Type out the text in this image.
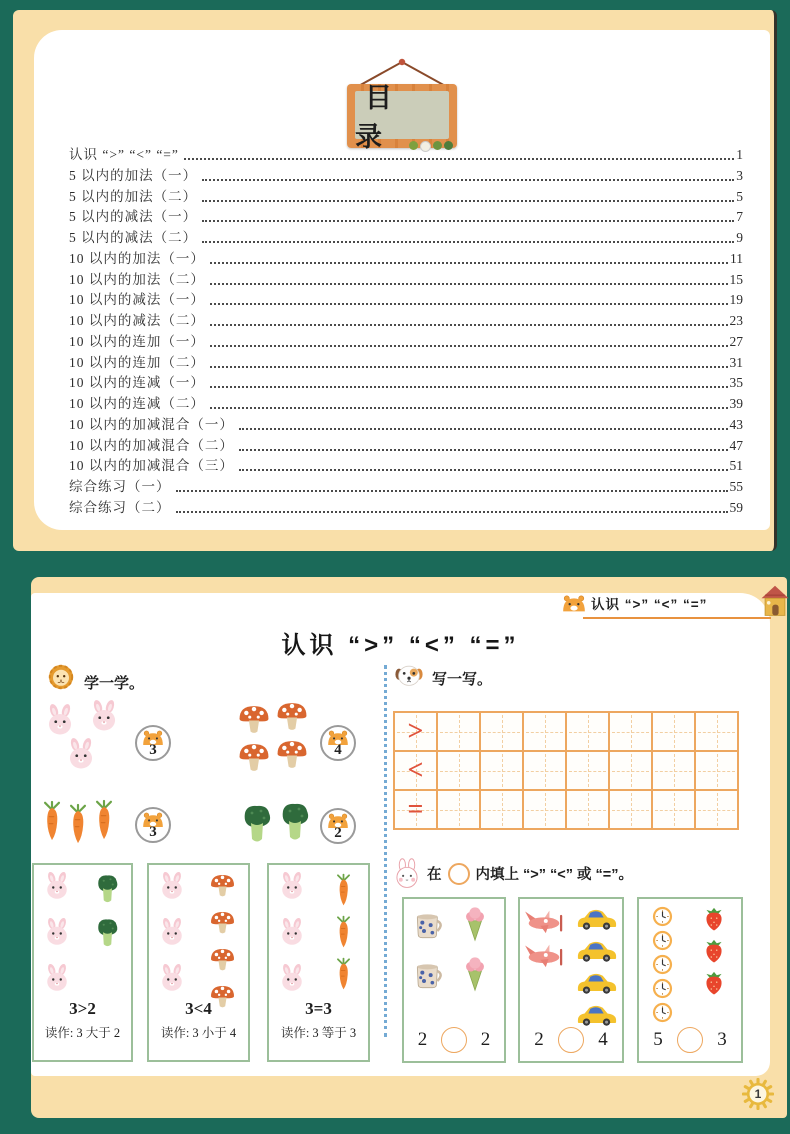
目 录
认识 “>” “<” “=”	1
5 以内的加法（一）	3
5 以内的加法（二）	5
5 以内的减法（一）	7
5 以内的减法（二）	9
10 以内的加法（一）	11
10 以内的加法（二）	15
10 以内的减法（一）	19
10 以内的减法（二）	23
10 以内的连加（一）	27
10 以内的连加（二）	31
10 以内的连减（一）	35
10 以内的连减（二）	39
10 以内的加减混合（一）	43
10 以内的加减混合（二）	47
10 以内的加减混合（三）	51
综合练习（一）	55
综合练习（二）	59
认识 “>” “<” “=”
认识 “>” “<” “=”
学一学。
3	4
3	2
3>2
读作: 3 大于 2
3<4
读作: 3 小于 4
3=3
读作: 3 等于 3
写一写。
>
<
=
在 内填上 “>” “<” 或 “=”。
2	2 2	4 5	3
1
